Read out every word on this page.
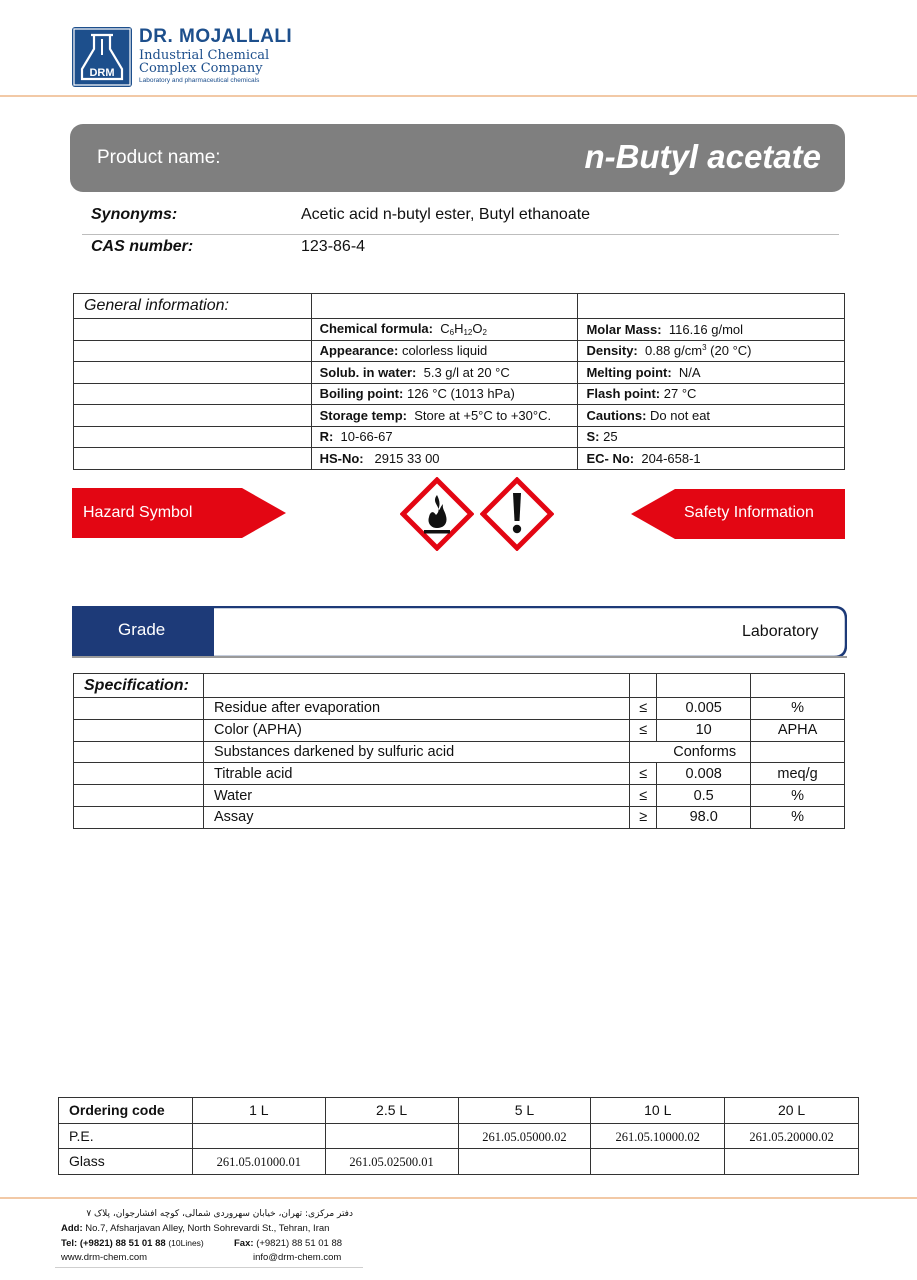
DRM
DR. MOJALLALI
Industrial Chemical
Complex Company
Laboratory and pharmaceutical chemicals
Product name:	n-Butyl acetate
Synonyms:	Acetic acid n-butyl ester, Butyl ethanoate
CAS number:	123-86-4
General information:		
	Chemical formula: $C_6H_{12}O_2$	Molar Mass: 116.16 g/mol
	Appearance: colorless liquid	Density: 0.88 $g/cm^3$ (20 °C)
	Solub. in water: 5.3 g/l at 20 °C	Melting point: N/A
	Boiling point: 126 °C (1013 hPa)	Flash point: 27 °C
	Storage temp: Store at +5°C to +30°C.	Cautions: Do not eat
	R: 10-66-67	S: 25
	HS-No: 2915 33 00	EC- No: 204-658-1
Hazard Symbol	Safety Information
Grade	Laboratory
Specification:				
	Residue after evaporation	≤	0.005	%
	Color (APHA)	≤	10	APHA
	Substances darkened by sulfuric acid	Conforms		
	Titrable acid	≤	0.008	meq/g
	Water	≤	0.5	%
	Assay	≥	98.0	%
Ordering code	1 L	2.5 L	5 L	10 L	20 L
P.E.			261.05.05000.02	261.05.10000.02	261.05.20000.02
Glass	261.05.01000.01	261.05.02500.01			
دفتر مرکزی: تهران، خیابان سهروردی شمالی، کوچه افشارجوان، پلاک ۷
Add: No.7, Afsharjavan Alley, North Sohrevardi St., Tehran, Iran
Tel: (+9821) 88 51 01 88 (10Lines)	Fax: (+9821) 88 51 01 88
www.drm-chem.com	info@drm-chem.com
